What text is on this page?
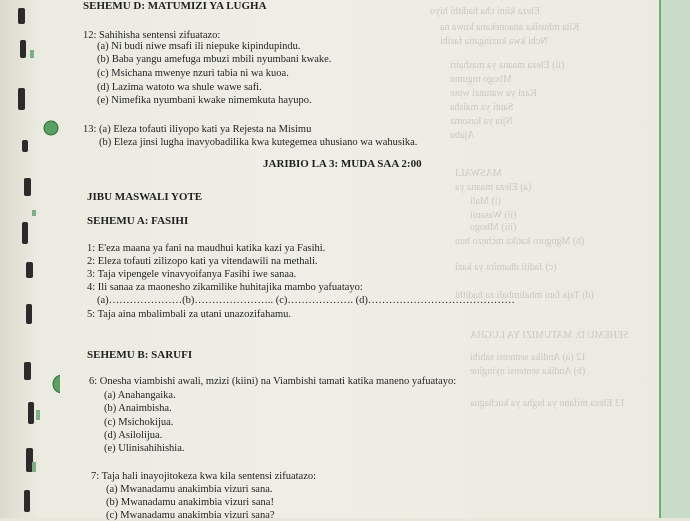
Eleza kiini cha hadithi hiyo
Kila mhusika anaonekana kuwa na
Nchi kwa kuzingatia fasihi
(ii) Eleza maana ya mashairi
Mbogo mgumu
Kazi ya watunzi wote
Sauti ya maisha
Njia ya kusoma
Ajabu
MASWALI
(a) Eleza maana ya
(i) Mali
(ii) Wasanii
(iii) Mbogo
(b) Mgogoro katika mchezo huu
(c) Jadili dhamira ya kazi
(d) Taja fani mbalimbali za hadithi
SEHEMU D: MATUMIZI YA LUGHA
12 (a) Andika sentensi sahihi
(b) Andika sentensi nyingine
13 Eleza mifano ya lugha ya kuchagua
SEHEMU D: MATUMIZI YA LUGHA
12: Sahihisha sentensi zifuatazo:
(a) Ni budi niwe msafi ili niepuke kipindupindu.
(b) Baba yangu amefuga mbuzi mbili nyumbani kwake.
(c) Msichana mwenye nzuri tabia ni wa kuoa.
(d) Lazima watoto wa shule wawe safi.
(e) Nimefika nyumbani kwake nimemkuta hayupo.
13: (a) Eleza tofauti iliyopo kati ya Rejesta na Misimu
(b) Eleza jinsi lugha inavyobadilika kwa kutegemea uhusiano wa wahusika.
JARIBIO LA 3: MUDA SAA 2:00
JIBU MASWALI YOTE
SEHEMU A: FASIHI
1: E'eza maana ya fani na maudhui katika kazi ya Fasihi.
2: Eleza tofauti zilizopo kati ya vitendawili na methali.
3: Taja vipengele vinavyoifanya Fasihi iwe sanaa.
4: Ili sanaa za maonesho zikamilike huhitajika mambo yafuatayo:
(a)…………………(b)………………….. (c)………………. (d)……………………………………
5: Taja aina mbalimbali za utani unazozifahamu.
SEHEMU B: SARUFI
6: Onesha viambishi awali, mzizi (kiini) na Viambishi tamati katika maneno yafuatayo:
(a) Anahangaika.
(b) Anaimbisha.
(c) Msichokijua.
(d) Asilolijua.
(e) Ulinisahihishia.
7: Taja hali inayojitokeza kwa kila sentensi zifuatazo:
(a) Mwanadamu anakimbia vizuri sana.
(b) Mwanadamu anakimbia vizuri sana!
(c) Mwanadamu anakimbia vizuri sana?
